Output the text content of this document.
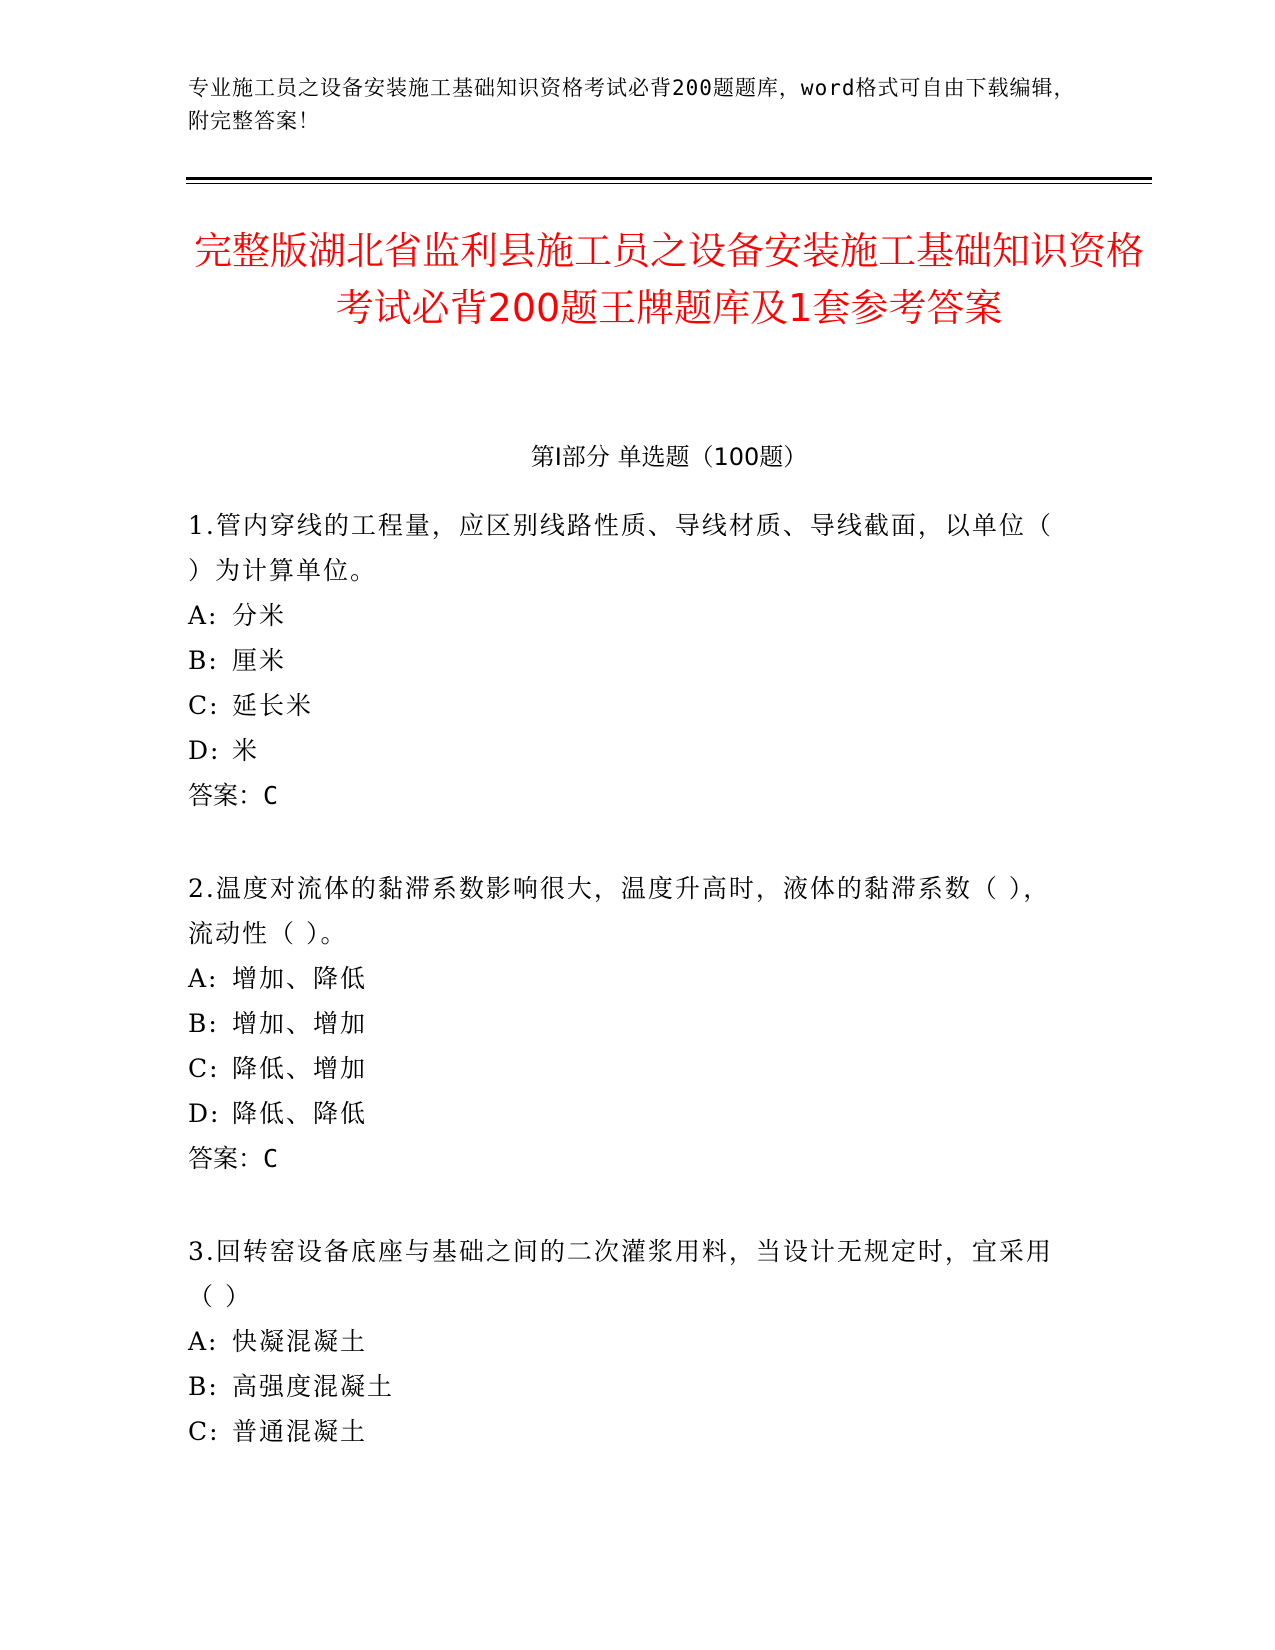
专业施工员之设备安装施工基础知识资格考试必背200题题库，word格式可自由下载编辑，附完整答案！
完整版湖北省监利县施工员之设备安装施工基础知识资格考试必背200题王牌题库及1套参考答案
第Ⅰ部分 单选题（100题）

1.管内穿线的工程量，应区别线路性质、导线材质、导线截面，以单位（ ）为计算单位。

A: 分米

B: 厘米

C: 延长米

D: 米

答案： C

2.温度对流体的黏滞系数影响很大，温度升高时，液体的黏滞系数（ ），流动性（ ）。

A: 增加、降低

B: 增加、增加

C: 降低、增加

D: 降低、降低

答案： C

3.回转窑设备底座与基础之间的二次灌浆用料，当设计无规定时，宜采用（ ）

A: 快凝混凝土

B: 高强度混凝土

C: 普通混凝土
